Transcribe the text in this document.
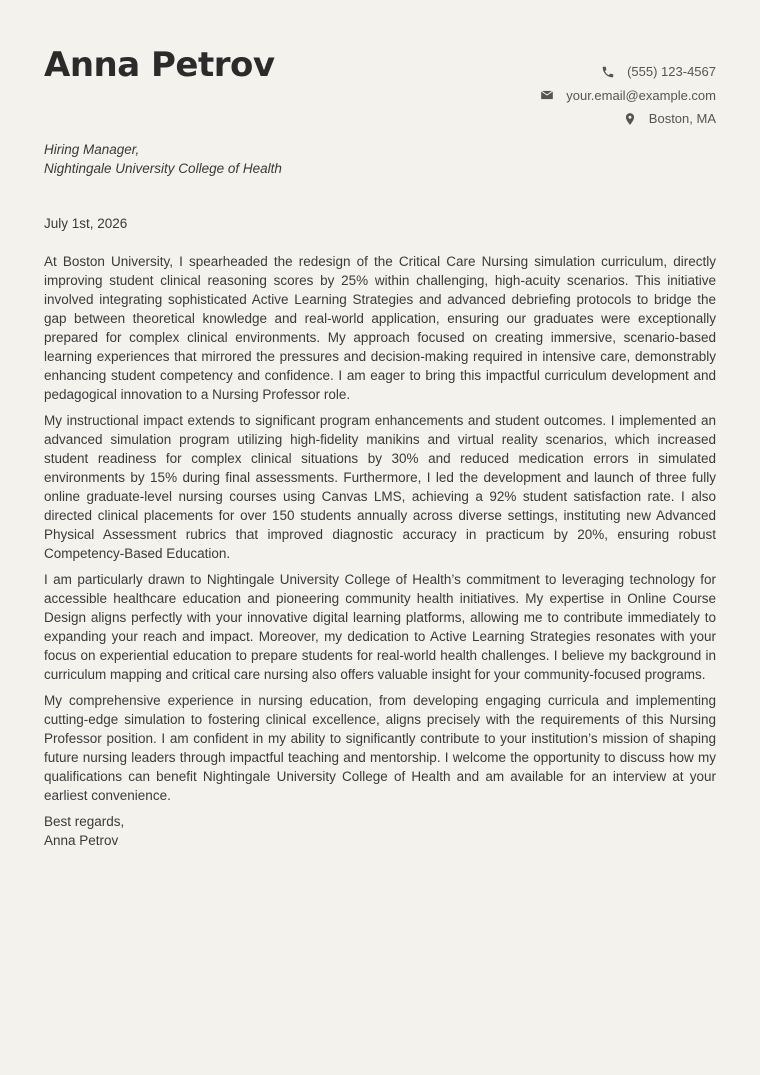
Anna Petrov	(555) 123-4567
your.email@example.com
Boston, MA
Hiring Manager,
Nightingale University College of Health
July 1st, 2026

At Boston University, I spearheaded the redesign of the Critical Care Nursing simulation curriculum, directly improving student clinical reasoning scores by 25% within challenging, high-acuity scenarios. This initiative involved integrating sophisticated Active Learning Strategies and advanced debriefing protocols to bridge the gap between theoretical knowledge and real-world application, ensuring our graduates were exceptionally prepared for complex clinical environments. My approach focused on creating immersive, scenario-based learning experiences that mirrored the pressures and decision-making required in intensive care, demonstrably enhancing student competency and confidence. I am eager to bring this impactful curriculum development and pedagogical innovation to a Nursing Professor role.

My instructional impact extends to significant program enhancements and student outcomes. I implemented an advanced simulation program utilizing high-fidelity manikins and virtual reality scenarios, which increased student readiness for complex clinical situations by 30% and reduced medication errors in simulated environments by 15% during final assessments. Furthermore, I led the development and launch of three fully online graduate-level nursing courses using Canvas LMS, achieving a 92% student satisfaction rate. I also directed clinical placements for over 150 students annually across diverse settings, instituting new Advanced Physical Assessment rubrics that improved diagnostic accuracy in practicum by 20%, ensuring robust Competency-Based Education.

I am particularly drawn to Nightingale University College of Health’s commitment to leveraging technology for accessible healthcare education and pioneering community health initiatives. My expertise in Online Course Design aligns perfectly with your innovative digital learning platforms, allowing me to contribute immediately to expanding your reach and impact. Moreover, my dedication to Active Learning Strategies resonates with your focus on experiential education to prepare students for real-world health challenges. I believe my background in curriculum mapping and critical care nursing also offers valuable insight for your community-focused programs.

My comprehensive experience in nursing education, from developing engaging curricula and implementing cutting-edge simulation to fostering clinical excellence, aligns precisely with the requirements of this Nursing Professor position. I am confident in my ability to significantly contribute to your institution’s mission of shaping future nursing leaders through impactful teaching and mentorship. I welcome the opportunity to discuss how my qualifications can benefit Nightingale University College of Health and am available for an interview at your earliest convenience.

Best regards,
Anna Petrov
